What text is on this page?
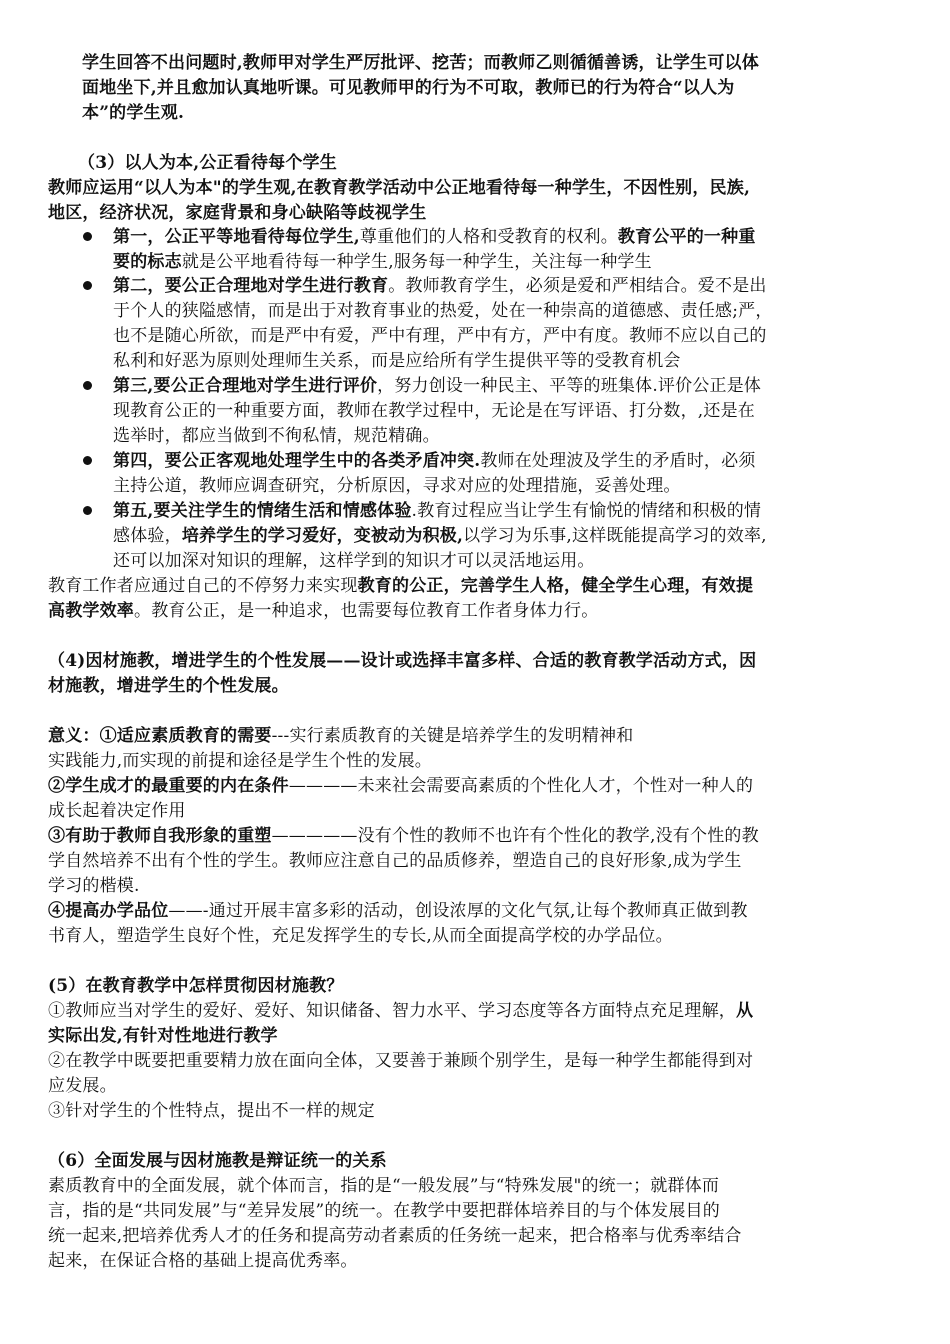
学生回答不出问题时,教师甲对学生严厉批评、挖苦；而教师乙则循循善诱，让学生可以体
面地坐下,并且愈加认真地听课。可见教师甲的行为不可取，教师已的行为符合“以人为
本”的学生观.
（3）以人为本,公正看待每个学生
教师应运用“以人为本"的学生观,在教育教学活动中公正地看待每一种学生，不因性别，民族,
地区，经济状况，家庭背景和身心缺陷等歧视学生
第一，公正平等地看待每位学生,尊重他们的人格和受教育的权利。教育公平的一种重
要的标志就是公平地看待每一种学生,服务每一种学生，关注每一种学生
第二，要公正合理地对学生进行教育。教师教育学生，必须是爱和严相结合。爱不是出
于个人的狭隘感情，而是出于对教育事业的热爱，处在一种崇高的道德感、责任感;严，
也不是随心所欲，而是严中有爱，严中有理，严中有方，严中有度。教师不应以自己的
私利和好恶为原则处理师生关系，而是应给所有学生提供平等的受教育机会
第三,要公正合理地对学生进行评价，努力创设一种民主、平等的班集体.评价公正是体
现教育公正的一种重要方面，教师在教学过程中，无论是在写评语、打分数，,还是在
选举时，都应当做到不徇私情，规范精确。
第四，要公正客观地处理学生中的各类矛盾冲突.教师在处理波及学生的矛盾时，必须
主持公道，教师应调查研究，分析原因，寻求对应的处理措施，妥善处理。
第五,要关注学生的情绪生活和情感体验.教育过程应当让学生有愉悦的情绪和积极的情
感体验，培养学生的学习爱好，变被动为积极,以学习为乐事,这样既能提高学习的效率,
还可以加深对知识的理解，这样学到的知识才可以灵活地运用。
教育工作者应通过自己的不停努力来实现教育的公正，完善学生人格，健全学生心理，有效提
高教学效率。教育公正，是一种追求，也需要每位教育工作者身体力行。
（4)因材施教，增进学生的个性发展——设计或选择丰富多样、合适的教育教学活动方式，因
材施教，增进学生的个性发展。
意义：①适应素质教育的需要---实行素质教育的关键是培养学生的发明精神和
实践能力,而实现的前提和途径是学生个性的发展。
②学生成才的最重要的内在条件————未来社会需要高素质的个性化人才，个性对一种人的
成长起着决定作用
③有助于教师自我形象的重塑—————没有个性的教师不也许有个性化的教学,没有个性的教
学自然培养不出有个性的学生。教师应注意自己的品质修养，塑造自己的良好形象,成为学生
学习的楷模.
④提高办学品位——-通过开展丰富多彩的活动，创设浓厚的文化气氛,让每个教师真正做到教
书育人，塑造学生良好个性，充足发挥学生的专长,从而全面提高学校的办学品位。
(5）在教育教学中怎样贯彻因材施教？
①教师应当对学生的爱好、爱好、知识储备、智力水平、学习态度等各方面特点充足理解，从
实际出发,有针对性地进行教学
②在教学中既要把重要精力放在面向全体，又要善于兼顾个别学生，是每一种学生都能得到对
应发展。
③针对学生的个性特点，提出不一样的规定
（6）全面发展与因材施教是辩证统一的关系
素质教育中的全面发展，就个体而言，指的是“一般发展”与“特殊发展"的统一；就群体而
言，指的是“共同发展”与“差异发展”的统一。在教学中要把群体培养目的与个体发展目的
统一起来,把培养优秀人才的任务和提高劳动者素质的任务统一起来，把合格率与优秀率结合
起来，在保证合格的基础上提高优秀率。
